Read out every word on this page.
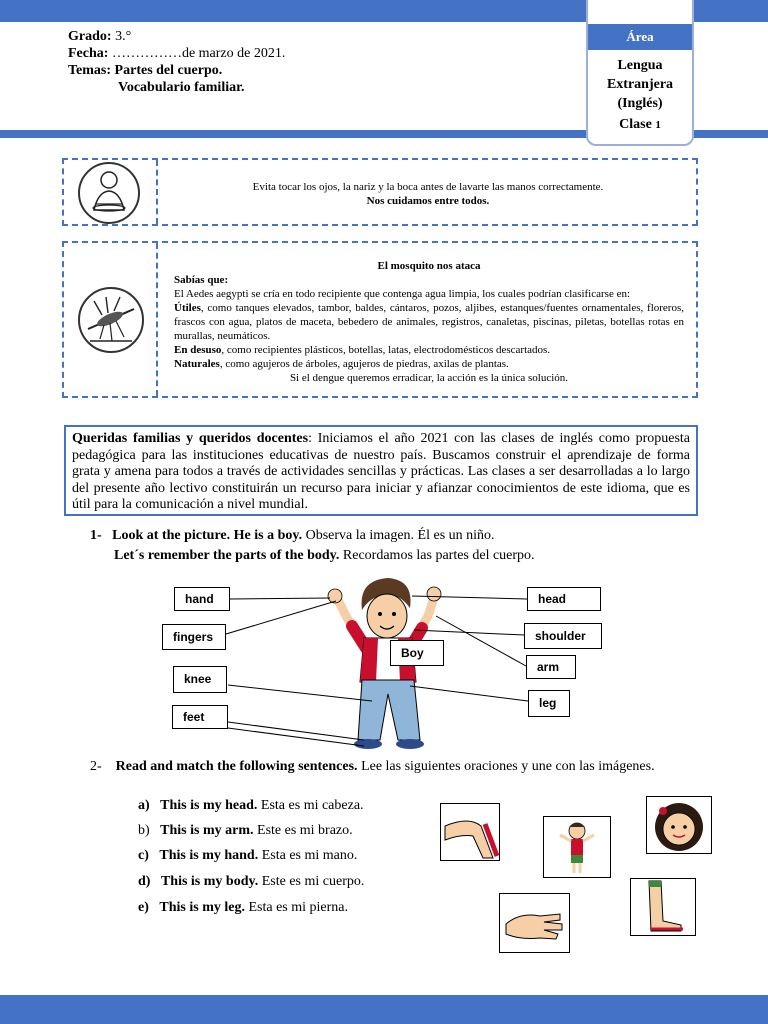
Grado: 3.°
Fecha: ……………de marzo de 2021.
Temas: Partes del cuerpo.
Vocabulario familiar.
Área
Lengua
Extranjera
(Inglés)
Clase 1
Evita tocar los ojos, la nariz y la boca antes de lavarte las manos correctamente.
Nos cuidamos entre todos.
El mosquito nos ataca
Sabías que:
El Aedes aegypti se cría en todo recipiente que contenga agua limpia, los cuales podrían clasificarse en:
Útiles, como tanques elevados, tambor, baldes, cántaros, pozos, aljibes, estanques/fuentes ornamentales, floreros, frascos con agua, platos de maceta, bebedero de animales, registros, canaletas, piscinas, piletas, botellas rotas en murallas, neumáticos.
En desuso, como recipientes plásticos, botellas, latas, electrodomésticos descartados.
Naturales, como agujeros de árboles, agujeros de piedras, axilas de plantas.
Si el dengue queremos erradicar, la acción es la única solución.
Queridas familias y queridos docentes: Iniciamos el año 2021 con las clases de inglés como propuesta pedagógica para las instituciones educativas de nuestro país. Buscamos construir el aprendizaje de forma grata y amena para todos a través de actividades sencillas y prácticas. Las clases a ser desarrolladas a lo largo del presente año lectivo constituirán un recurso para iniciar y afianzar conocimientos de este idioma, que es útil para la comunicación a nivel mundial.
1- Look at the picture. He is a boy. Observa la imagen. Él es un niño.
Let´s remember the parts of the body. Recordamos las partes del cuerpo.
hand
fingers
knee
feet
head
shoulder
Boy
arm
leg
2- Read and match the following sentences. Lee las siguientes oraciones y une con las imágenes.
a) This is my head. Esta es mi cabeza.
b) This is my arm. Este es mi brazo.
c) This is my hand. Esta es mi mano.
d) This is my body. Este es mi cuerpo.
e) This is my leg. Esta es mi pierna.
